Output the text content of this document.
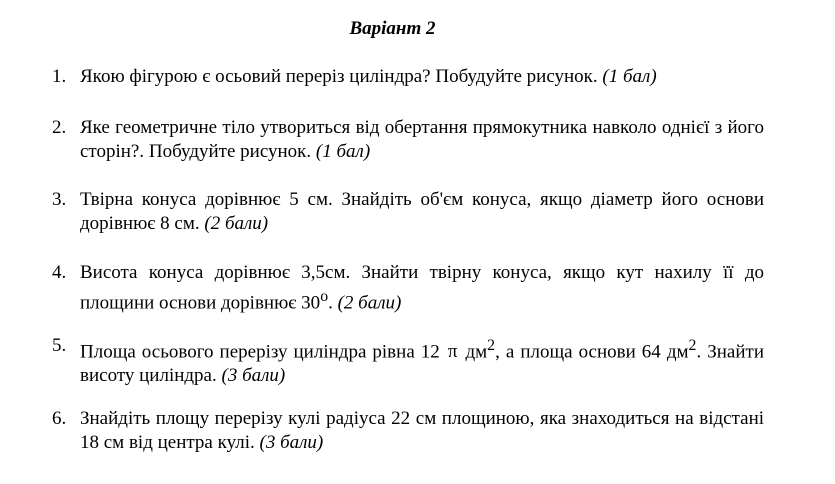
Варіант 2
1. Якою фігурою є осьовий переріз циліндра? Побудуйте рисунок. (1 бал)
2. Яке геометричне тіло утвориться від обертання прямокутника навколо однієї з його сторін?. Побудуйте рисунок. (1 бал)
3. Твірна конуса дорівнює 5 см. Знайдіть об'єм конуса, якщо діаметр його основи дорівнює 8 см. (2 бали)
4. Висота конуса дорівнює 3,5см. Знайти твірну конуса, якщо кут нахилу її до площини основи дорівнює $30^о$. (2 бали)
5. Площа осьового перерізу циліндра рівна 12 π $дм^2$, а площа основи 64 $дм^2$. Знайти висоту циліндра. (3 бали)
6. Знайдіть площу перерізу кулі радіуса 22 см площиною, яка знаходиться на відстані 18 см від центра кулі. (3 бали)
